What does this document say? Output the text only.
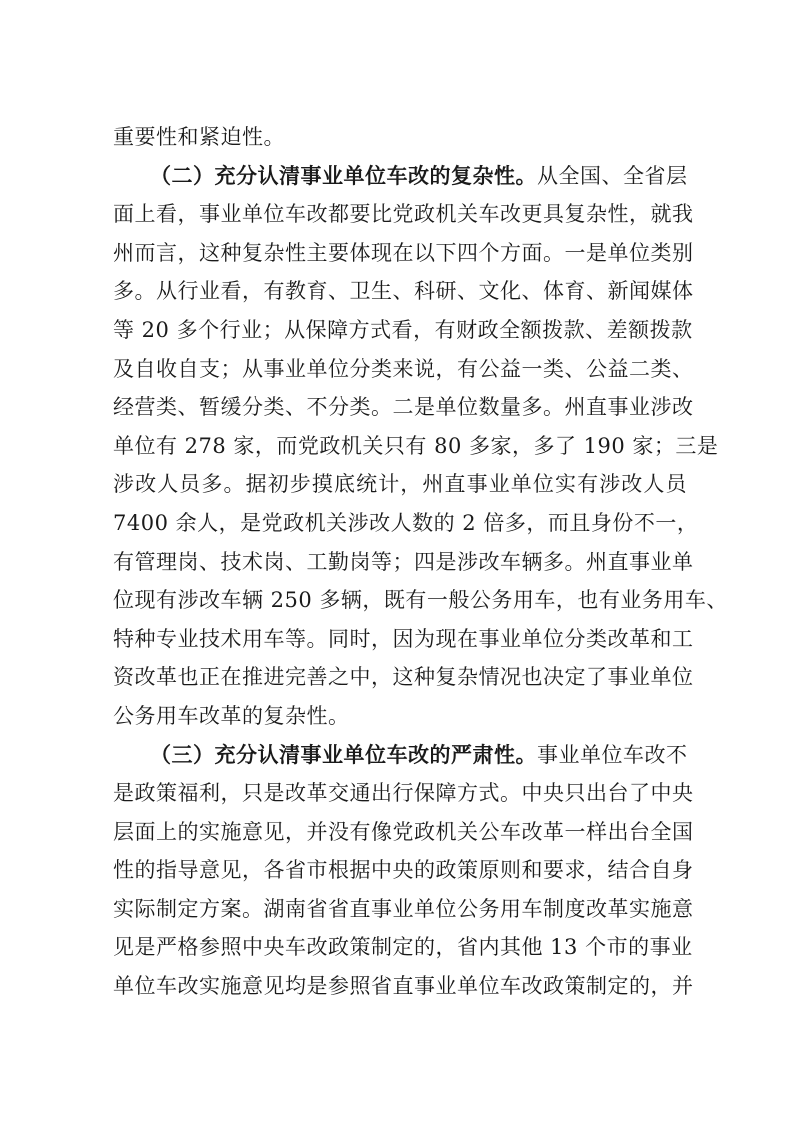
重要性和紧迫性。
（二）充分认清事业单位车改的复杂性。从全国、全省层
面上看，事业单位车改都要比党政机关车改更具复杂性，就我
州而言，这种复杂性主要体现在以下四个方面。一是单位类别
多。从行业看，有教育、卫生、科研、文化、体育、新闻媒体
等 20 多个行业；从保障方式看，有财政全额拨款、差额拨款
及自收自支；从事业单位分类来说，有公益一类、公益二类、
经营类、暂缓分类、不分类。二是单位数量多。州直事业涉改
单位有 278 家，而党政机关只有 80 多家，多了 190 家；三是
涉改人员多。据初步摸底统计，州直事业单位实有涉改人员
7400 余人，是党政机关涉改人数的 2 倍多，而且身份不一，
有管理岗、技术岗、工勤岗等；四是涉改车辆多。州直事业单
位现有涉改车辆 250 多辆，既有一般公务用车，也有业务用车、
特种专业技术用车等。同时，因为现在事业单位分类改革和工
资改革也正在推进完善之中，这种复杂情况也决定了事业单位
公务用车改革的复杂性。
（三）充分认清事业单位车改的严肃性。事业单位车改不
是政策福利，只是改革交通出行保障方式。中央只出台了中央
层面上的实施意见，并没有像党政机关公车改革一样出台全国
性的指导意见，各省市根据中央的政策原则和要求，结合自身
实际制定方案。湖南省省直事业单位公务用车制度改革实施意
见是严格参照中央车改政策制定的，省内其他 13 个市的事业
单位车改实施意见均是参照省直事业单位车改政策制定的，并
